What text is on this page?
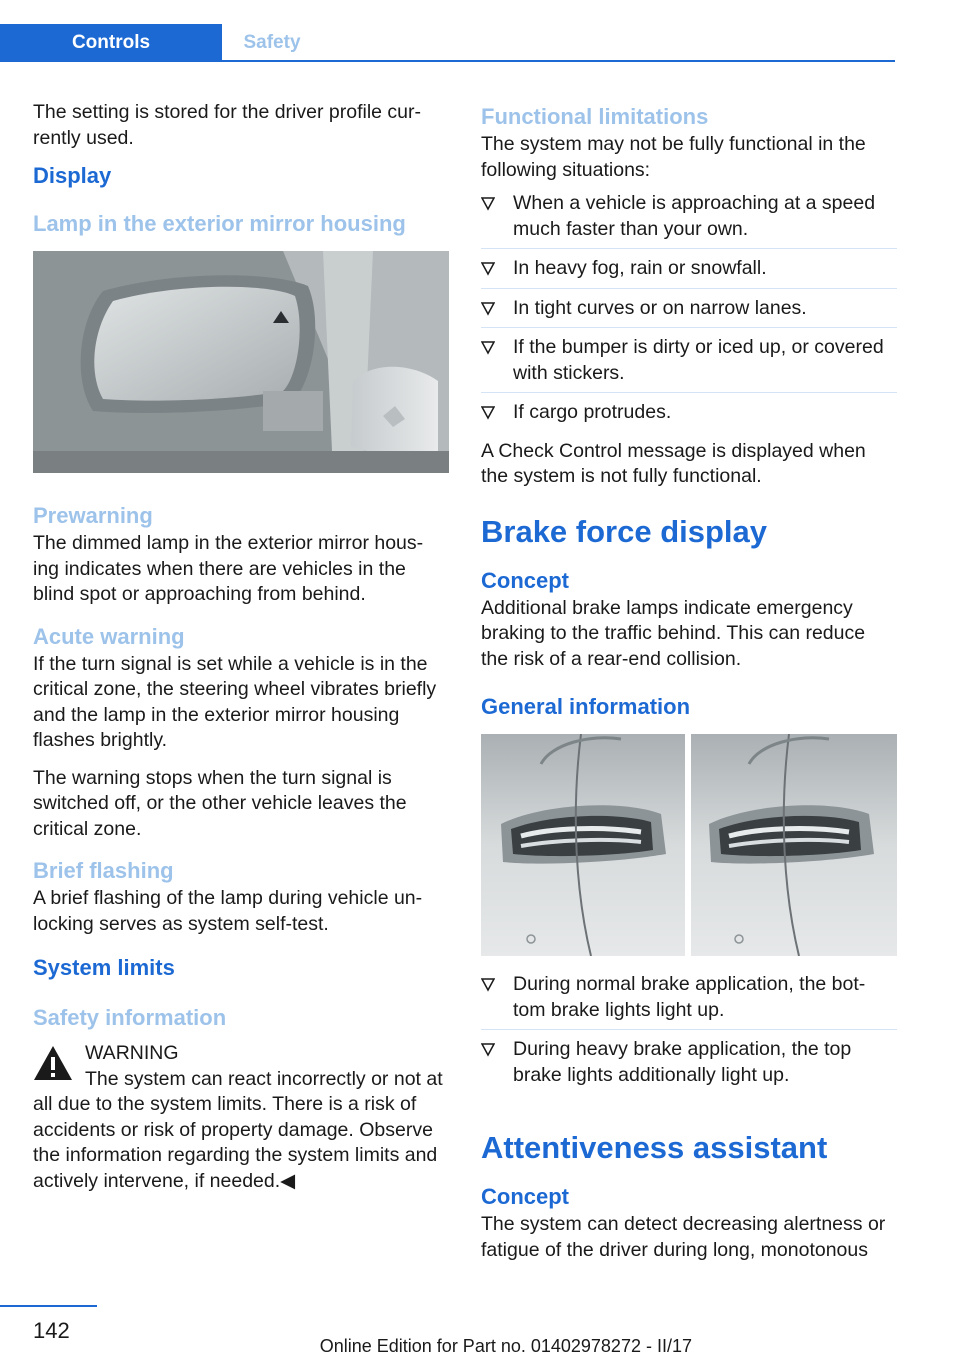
Controls	Safety

The setting is stored for the driver profile cur-rently used.

Display
Lamp in the exterior mirror housing
Prewarning

The dimmed lamp in the exterior mirror hous-ing indicates when there are vehicles in the blind spot or approaching from behind.

Acute warning

If the turn signal is set while a vehicle is in the critical zone, the steering wheel vibrates briefly and the lamp in the exterior mirror housing flashes brightly.

The warning stops when the turn signal is switched off, or the other vehicle leaves the critical zone.

Brief flashing

A brief flashing of the lamp during vehicle un-locking serves as system self-test.

System limits
Safety information

WARNING

The system can react incorrectly or not at all due to the system limits. There is a risk of accidents or risk of property damage. Observe the information regarding the system limits and actively intervene, if needed.◀

Functional limitations

The system may not be fully functional in the following situations:

When a vehicle is approaching at a speed much faster than your own.
In heavy fog, rain or snowfall.
In tight curves or on narrow lanes.
If the bumper is dirty or iced up, or covered with stickers.
If cargo protrudes.

A Check Control message is displayed when the system is not fully functional.

Brake force display
Concept

Additional brake lamps indicate emergency braking to the traffic behind. This can reduce the risk of a rear-end collision.

General information
During normal brake application, the bot-tom brake lights light up.
During heavy brake application, the top brake lights additionally light up.
Attentiveness assistant
Concept

The system can detect decreasing alertness or fatigue of the driver during long, monotonous

142
Online Edition for Part no. 01402978272 - II/17
